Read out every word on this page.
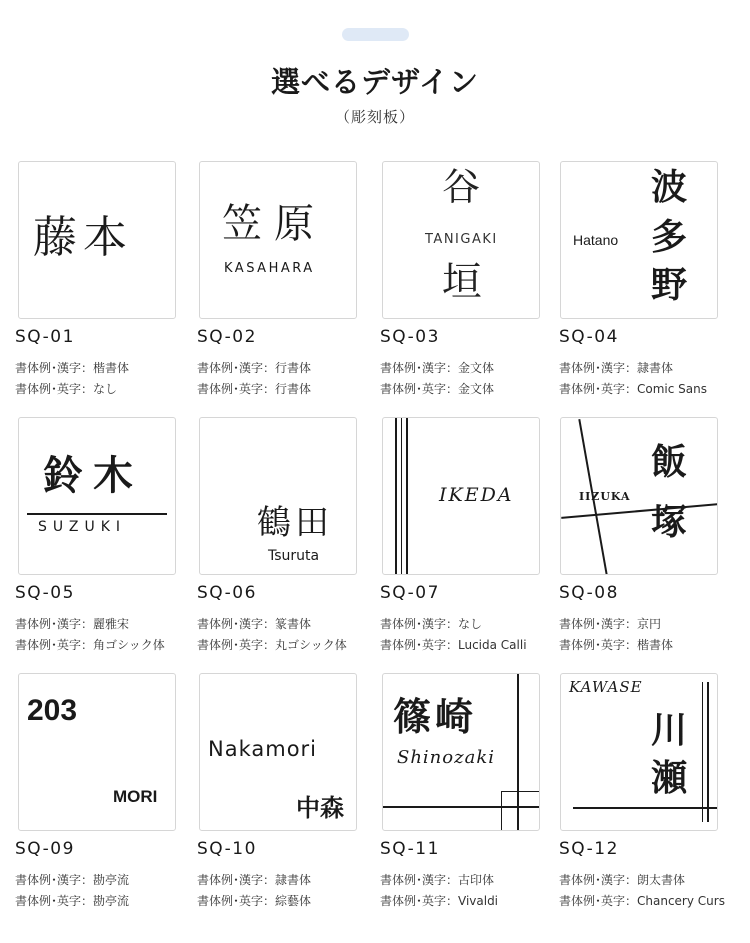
選べるデザイン
（彫刻板）
藤本
SQ-01
書体例･漢字：楷書体
書体例･英字：なし
笠原
KASAHARA
SQ-02
書体例･漢字：行書体
書体例･英字：行書体
谷
TANIGAKI
垣
SQ-03
書体例･漢字：金文体
書体例･英字：金文体
Hatano
波
多
野
SQ-04
書体例･漢字：隷書体
書体例･英字：Comic Sans
鈴木
SUZUKI
SQ-05
書体例･漢字：麗雅宋
書体例･英字：角ゴシック体
鶴田
Tsuruta
SQ-06
書体例･漢字：篆書体
書体例･英字：丸ゴシック体
IKEDA
SQ-07
書体例･漢字：なし
書体例･英字：Lucida Calli
IIZUKA
飯
塚
SQ-08
書体例･漢字：京円
書体例･英字：楷書体
203
MORI
SQ-09
書体例･漢字：勘亭流
書体例･英字：勘亭流
Nakamori
中森
SQ-10
書体例･漢字：隷書体
書体例･英字：綜藝体
篠崎
Shinozaki
SQ-11
書体例･漢字：古印体
書体例･英字：Vivaldi
KAWASE
川
瀬
SQ-12
書体例･漢字：朗太書体
書体例･英字：Chancery Curs
